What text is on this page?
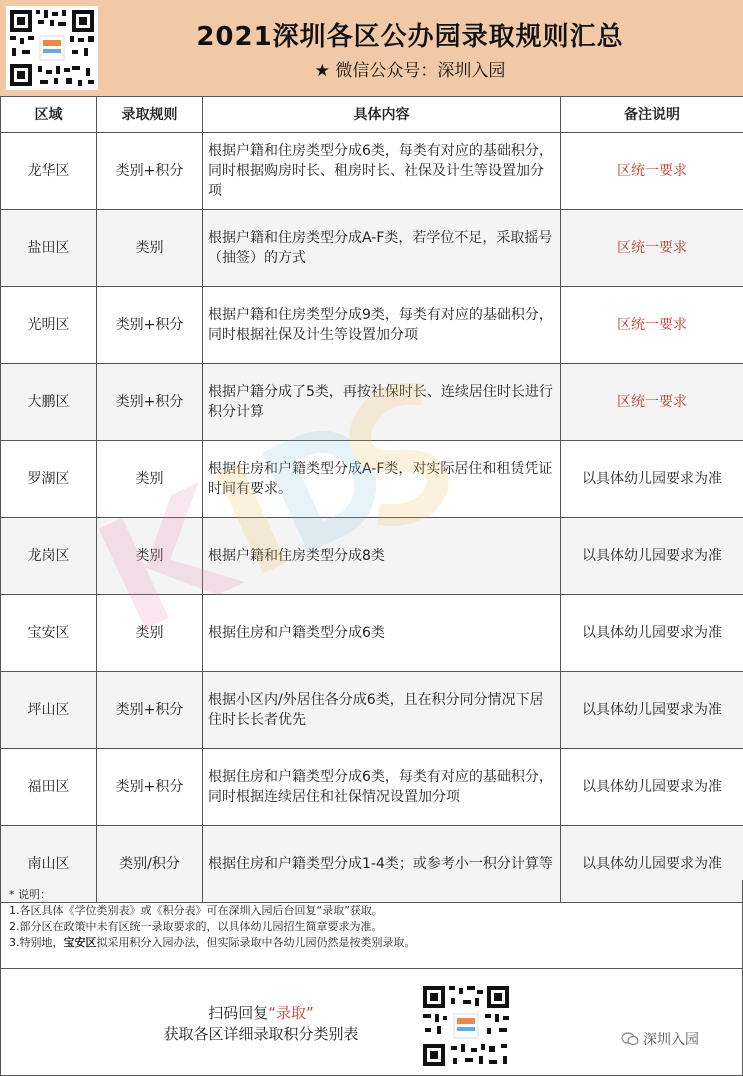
2021深圳各区公办园录取规则汇总
★ 微信公众号：深圳入园
区域	录取规则	具体内容	备注说明
龙华区	类别+积分	根据户籍和住房类型分成6类，每类有对应的基础积分，同时根据购房时长、租房时长、社保及计生等设置加分项	区统一要求
盐田区	类别	根据户籍和住房类型分成A-F类，若学位不足，采取摇号（抽签）的方式	区统一要求
光明区	类别+积分	根据户籍和住房类型分成9类，每类有对应的基础积分，同时根据社保及计生等设置加分项	区统一要求
大鹏区	类别+积分	根据户籍分成了5类，再按社保时长、连续居住时长进行积分计算	区统一要求
罗湖区	类别	根据住房和户籍类型分成A-F类，对实际居住和租赁凭证时间有要求。	以具体幼儿园要求为准
龙岗区	类别	根据户籍和住房类型分成8类	以具体幼儿园要求为准
宝安区	类别	根据住房和户籍类型分成6类	以具体幼儿园要求为准
坪山区	类别+积分	根据小区内/外居住各分成6类，且在积分同分情况下居住时长长者优先	以具体幼儿园要求为准
福田区	类别+积分	根据住房和户籍类型分成6类，每类有对应的基础积分，同时根据连续居住和社保情况设置加分项	以具体幼儿园要求为准
南山区	类别/积分	根据住房和户籍类型分成1-4类；或参考小一积分计算等	以具体幼儿园要求为准
* 说明：
1.各区具体《学位类别表》或《积分表》可在深圳入园后台回复“录取”获取。
2.部分区在政策中未有区统一录取要求的，以具体幼儿园招生简章要求为准。
3.特别地，宝安区拟采用积分入园办法，但实际录取中各幼儿园仍然是按类别录取。
扫码回复“录取”
获取各区详细录取积分类别表	深圳入园
